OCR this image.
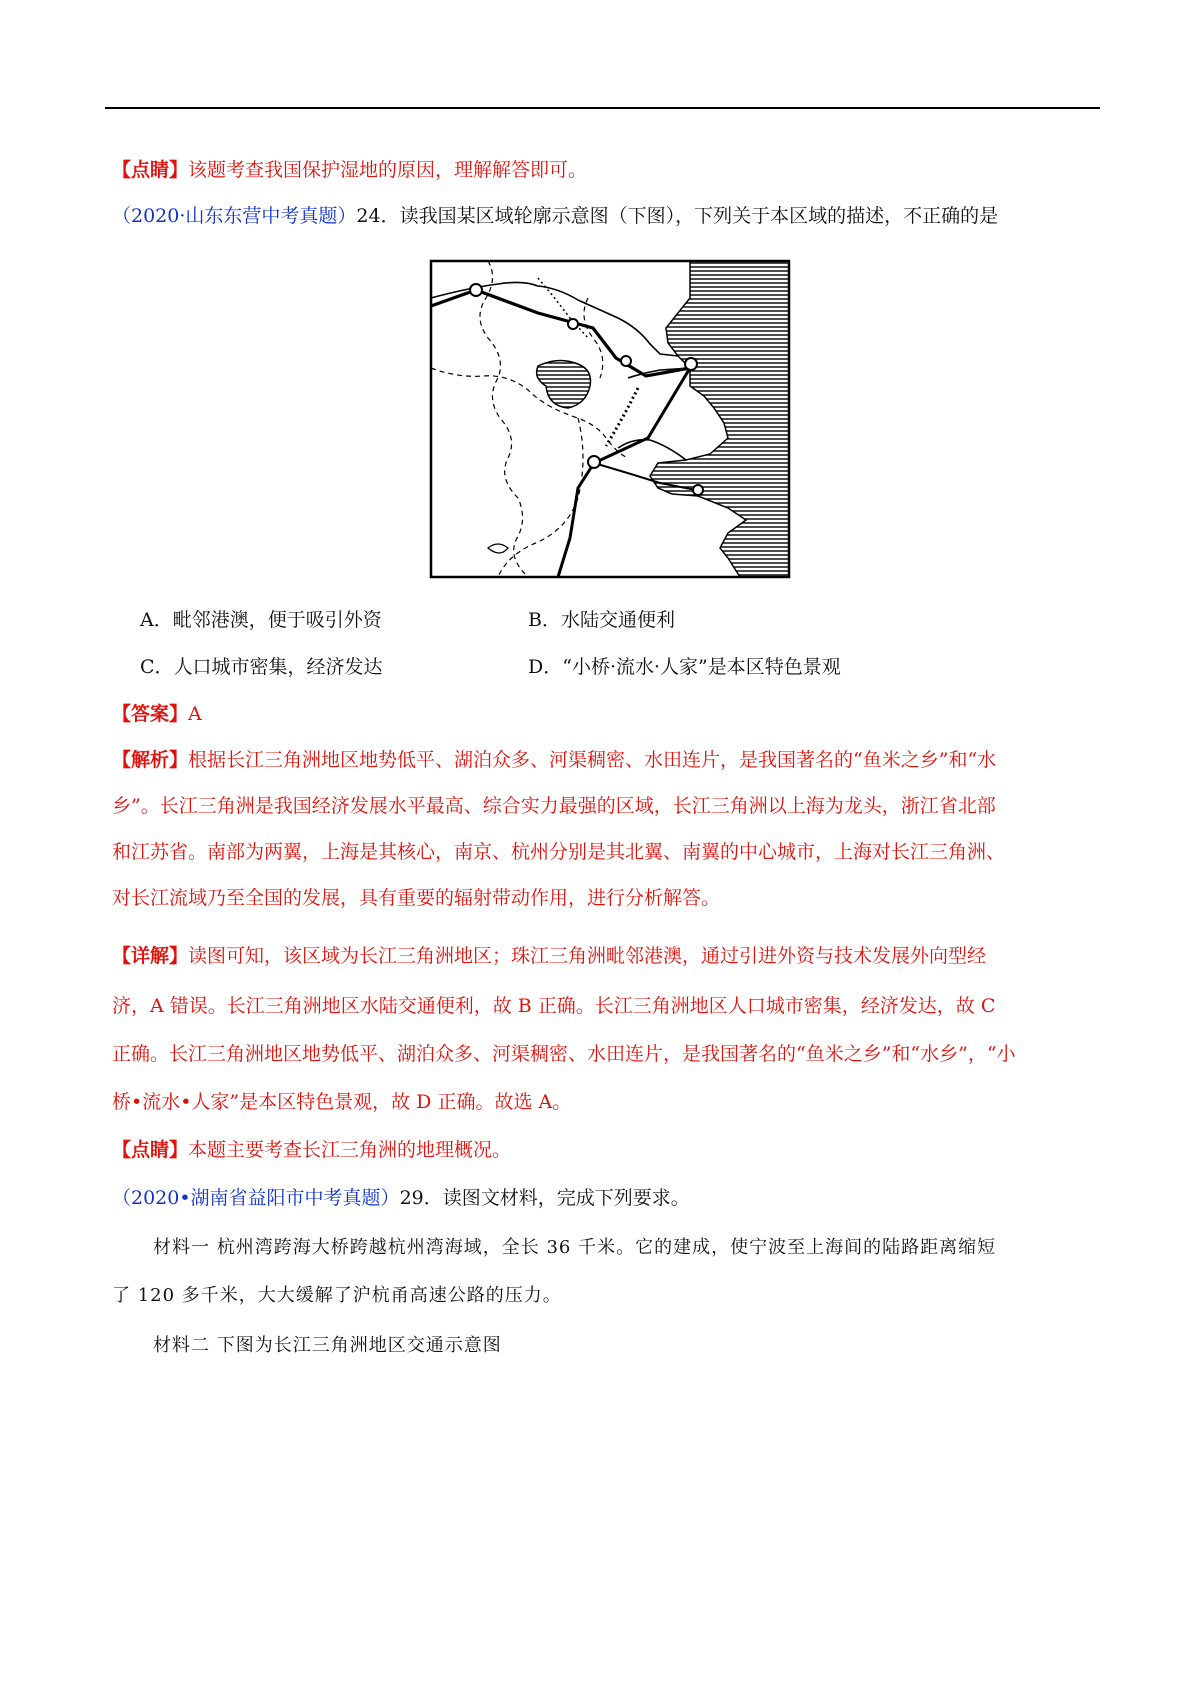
【点睛】该题考查我国保护湿地的原因，理解解答即可。
（2020·山东东营中考真题）24．读我国某区域轮廓示意图（下图），下列关于本区域的描述，不正确的是
A．毗邻港澳，便于吸引外资	B．水陆交通便利
C．人口城市密集，经济发达	D．“小桥·流水·人家”是本区特色景观
【答案】A
【解析】根据长江三角洲地区地势低平、湖泊众多、河渠稠密、水田连片，是我国著名的“鱼米之乡”和“水
乡”。长江三角洲是我国经济发展水平最高、综合实力最强的区域，长江三角洲以上海为龙头，浙江省北部
和江苏省。南部为两翼，上海是其核心，南京、杭州分别是其北翼、南翼的中心城市，上海对长江三角洲、
对长江流域乃至全国的发展，具有重要的辐射带动作用，进行分析解答。
【详解】读图可知，该区域为长江三角洲地区；珠江三角洲毗邻港澳，通过引进外资与技术发展外向型经
济，A 错误。长江三角洲地区水陆交通便利，故 B 正确。长江三角洲地区人口城市密集，经济发达，故 C
正确。长江三角洲地区地势低平、湖泊众多、河渠稠密、水田连片，是我国著名的“鱼米之乡”和“水乡”，“小
桥•流水•人家”是本区特色景观，故 D 正确。故选 A。
【点睛】本题主要考查长江三角洲的地理概况。
（2020•湖南省益阳市中考真题）29．读图文材料，完成下列要求。
材料一 杭州湾跨海大桥跨越杭州湾海域，全长 36 千米。它的建成，使宁波至上海间的陆路距离缩短
了 120 多千米，大大缓解了沪杭甬高速公路的压力。
材料二 下图为长江三角洲地区交通示意图
